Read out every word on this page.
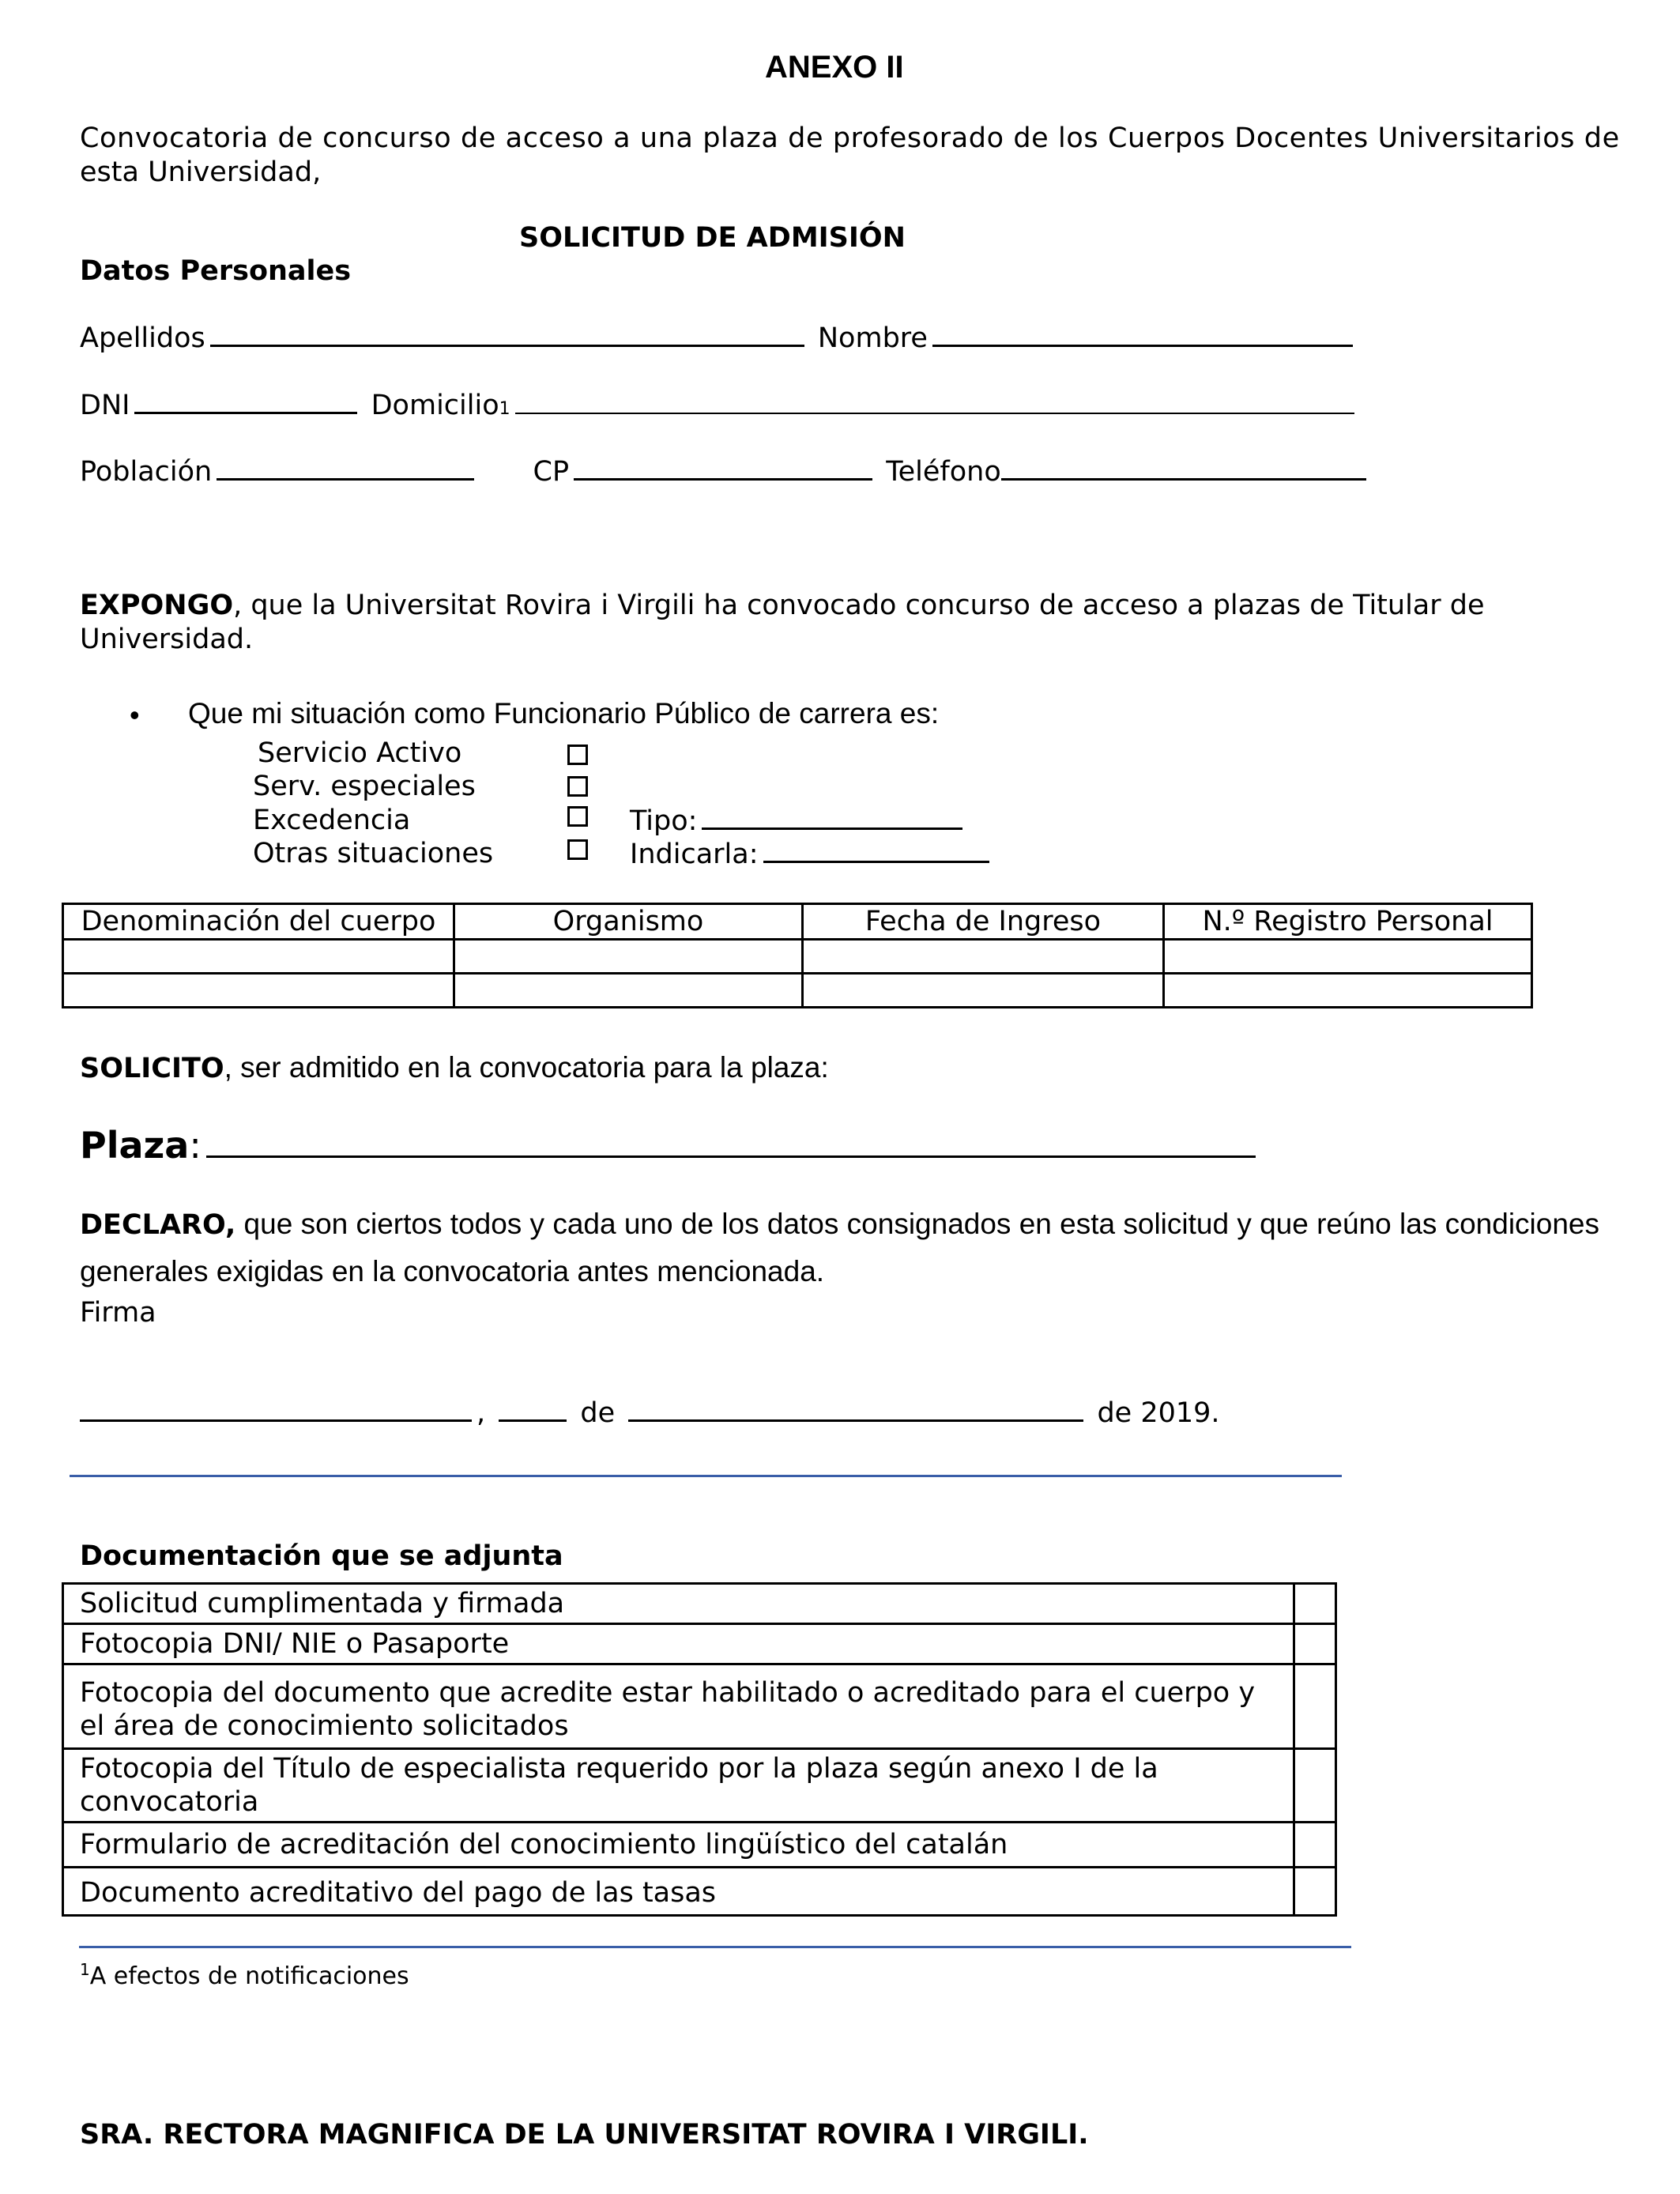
ANEXO II
Convocatoria de concurso de acceso a una plaza de profesorado de los Cuerpos Docentes Universitarios de
esta Universidad,
SOLICITUD DE ADMISIÓN
Datos Personales
Apellidos	Nombre
DNI	Domicilio1
Población	CP	Teléfono
EXPONGO, que la Universitat Rovira i Virgili ha convocado concurso de acceso a plazas de Titular de
Universidad.
• Que mi situación como Funcionario Público de carrera es:
Servicio Activo
Serv. especiales
Excedencia	Tipo:
Otras situaciones	Indicarla:
Denominación del cuerpo	Organismo	Fecha de Ingreso	N.º Registro Personal

SOLICITO, ser admitido en la convocatoria para la plaza:
Plaza:
DECLARO, que son ciertos todos y cada uno de los datos consignados en esta solicitud y que reúno las condiciones
generales exigidas en la convocatoria antes mencionada.
Firma
,	de	de 2019.
Documentación que se adjunta
Solicitud cumplimentada y firmada	
Fotocopia DNI/ NIE o Pasaporte	
Fotocopia del documento que acredite estar habilitado o acreditado para el cuerpo y el área de conocimiento solicitados	
Fotocopia del Título de especialista requerido por la plaza según anexo I de la convocatoria	
Formulario de acreditación del conocimiento lingüístico del catalán	
Documento acreditativo del pago de las tasas	
$^1$A efectos de notificaciones
SRA. RECTORA MAGNIFICA DE LA UNIVERSITAT ROVIRA I VIRGILI.
